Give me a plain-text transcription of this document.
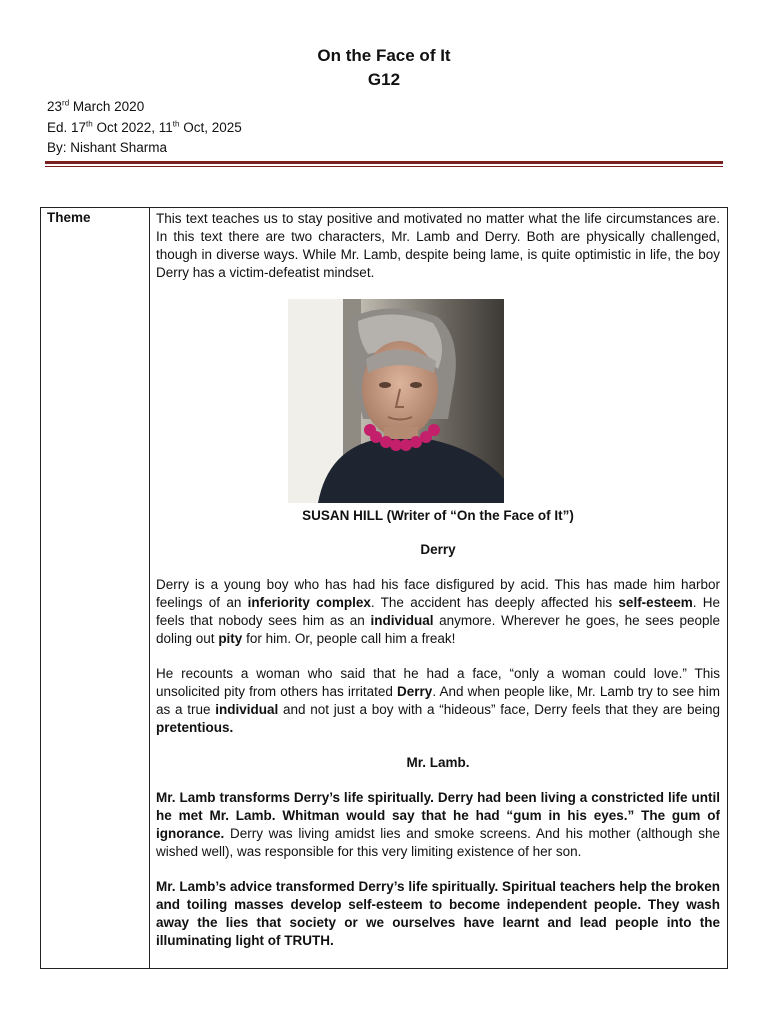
On the Face of It
G12
23rd March 2020
Ed. 17th Oct 2022, 11th Oct, 2025
By: Nishant Sharma
Theme	This text teaches us to stay positive and motivated no matter what the life circumstances are. In this text there are two characters, Mr. Lamb and Derry. Both are physically challenged, though in diverse ways. While Mr. Lamb, despite being lame, is quite optimistic in life, the boy Derry has a victim-defeatist mindset.

SUSAN HILL (Writer of “On the Face of It”)

Derry

Derry is a young boy who has had his face disfigured by acid. This has made him harbor feelings of an inferiority complex. The accident has deeply affected his self-esteem. He feels that nobody sees him as an individual anymore. Wherever he goes, he sees people doling out pity for him. Or, people call him a freak!

He recounts a woman who said that he had a face, “only a woman could love.” This unsolicited pity from others has irritated Derry. And when people like, Mr. Lamb try to see him as a true individual and not just a boy with a “hideous” face, Derry feels that they are being pretentious.

Mr. Lamb.

Mr. Lamb transforms Derry’s life spiritually. Derry had been living a constricted life until he met Mr. Lamb. Whitman would say that he had “gum in his eyes.” The gum of ignorance. Derry was living amidst lies and smoke screens. And his mother (although she wished well), was responsible for this very limiting existence of her son.

Mr. Lamb’s advice transformed Derry’s life spiritually. Spiritual teachers help the broken and toiling masses develop self-esteem to become independent people. They wash away the lies that society or we ourselves have learnt and lead people into the illuminating light of TRUTH.
